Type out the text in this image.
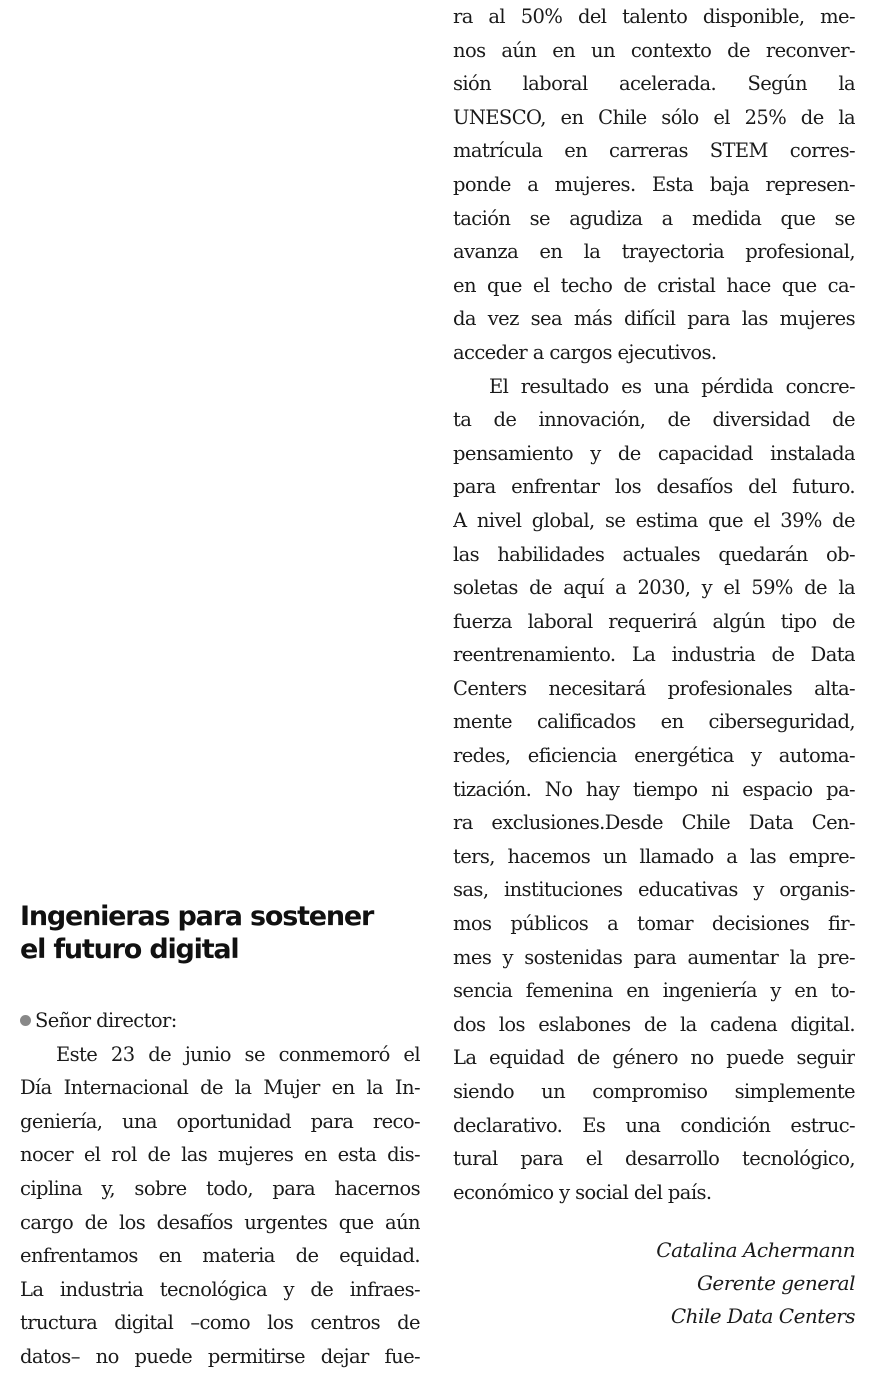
Ingenieras para sostener
el futuro digital
Señor director:
Este 23 de junio se conmemoró el
Día Internacional de la Mujer en la In-
geniería, una oportunidad para reco-
nocer el rol de las mujeres en esta dis-
ciplina y, sobre todo, para hacernos
cargo de los desafíos urgentes que aún
enfrentamos en materia de equidad.
La industria tecnológica y de infraes-
tructura digital –como los centros de
datos– no puede permitirse dejar fue-
ra al 50% del talento disponible, me-
nos aún en un contexto de reconver-
sión laboral acelerada. Según la
UNESCO, en Chile sólo el 25% de la
matrícula en carreras STEM corres-
ponde a mujeres. Esta baja represen-
tación se agudiza a medida que se
avanza en la trayectoria profesional,
en que el techo de cristal hace que ca-
da vez sea más difícil para las mujeres
acceder a cargos ejecutivos.
El resultado es una pérdida concre-
ta de innovación, de diversidad de
pensamiento y de capacidad instalada
para enfrentar los desafíos del futuro.
A nivel global, se estima que el 39% de
las habilidades actuales quedarán ob-
soletas de aquí a 2030, y el 59% de la
fuerza laboral requerirá algún tipo de
reentrenamiento. La industria de Data
Centers necesitará profesionales alta-
mente calificados en ciberseguridad,
redes, eficiencia energética y automa-
tización. No hay tiempo ni espacio pa-
ra exclusiones.Desde Chile Data Cen-
ters, hacemos un llamado a las empre-
sas, instituciones educativas y organis-
mos públicos a tomar decisiones fir-
mes y sostenidas para aumentar la pre-
sencia femenina en ingeniería y en to-
dos los eslabones de la cadena digital.
La equidad de género no puede seguir
siendo un compromiso simplemente
declarativo. Es una condición estruc-
tural para el desarrollo tecnológico,
económico y social del país.
Catalina Achermann
Gerente general
Chile Data Centers
